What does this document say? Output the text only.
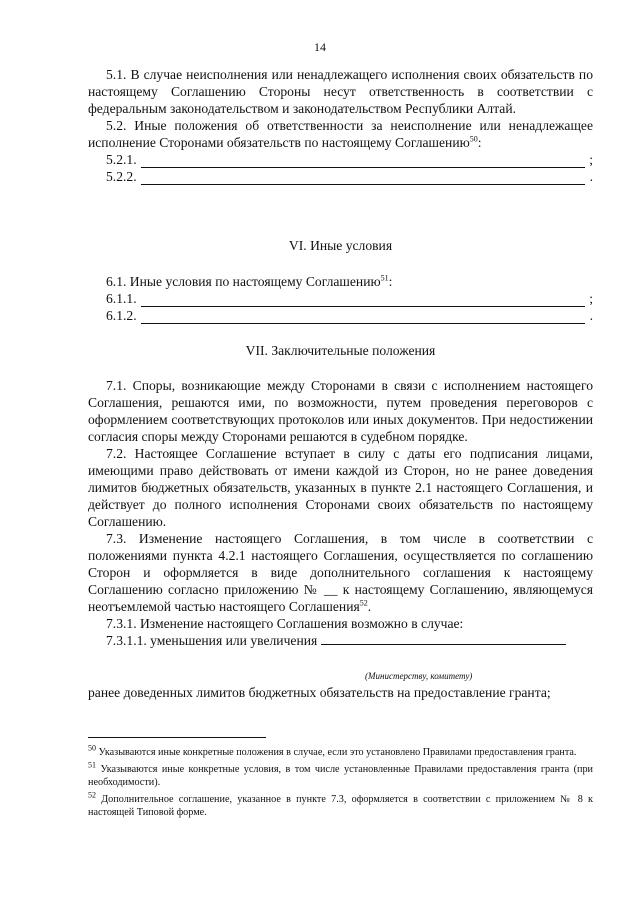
14

5.1. В случае неисполнения или ненадлежащего исполнения своих обязательств по настоящему Соглашению Стороны несут ответственность в соответствии с федеральным законодательством и законодательством Республики Алтай.

5.2. Иные положения об ответственности за неисполнение или ненадлежащее исполнение Сторонами обязательств по настоящему Соглашению$^{50}$:

5.2.1.	;
5.2.2.	.

VI. Иные условия

6.1. Иные условия по настоящему Соглашению$^{51}$:

6.1.1.	;
6.1.2.	.

VII. Заключительные положения

7.1. Споры, возникающие между Сторонами в связи с исполнением настоящего Соглашения, решаются ими, по возможности, путем проведения переговоров с оформлением соответствующих протоколов или иных документов. При недостижении согласия споры между Сторонами решаются в судебном порядке.

7.2. Настоящее Соглашение вступает в силу с даты его подписания лицами, имеющими право действовать от имени каждой из Сторон, но не ранее доведения лимитов бюджетных обязательств, указанных в пункте 2.1 настоящего Соглашения, и действует до полного исполнения Сторонами своих обязательств по настоящему Соглашению.

7.3. Изменение настоящего Соглашения, в том числе в соответствии с положениями пункта 4.2.1 настоящего Соглашения, осуществляется по соглашению Сторон и оформляется в виде дополнительного соглашения к настоящему Соглашению согласно приложению № __ к настоящему Соглашению, являющемуся неотъемлемой частью настоящего Соглашения$^{52}$.

7.3.1. Изменение настоящего Соглашения возможно в случае:

7.3.1.1. уменьшения или увеличения

(Министерству, комитету)

ранее доведенных лимитов бюджетных обязательств на предоставление гранта;

$^{50}$ Указываются иные конкретные положения в случае, если это установлено Правилами предоставления гранта.

$^{51}$ Указываются иные конкретные условия, в том числе установленные Правилами предоставления гранта (при необходимости).

$^{52}$ Дополнительное соглашение, указанное в пункте 7.3, оформляется в соответствии с приложением № 8 к настоящей Типовой форме.
